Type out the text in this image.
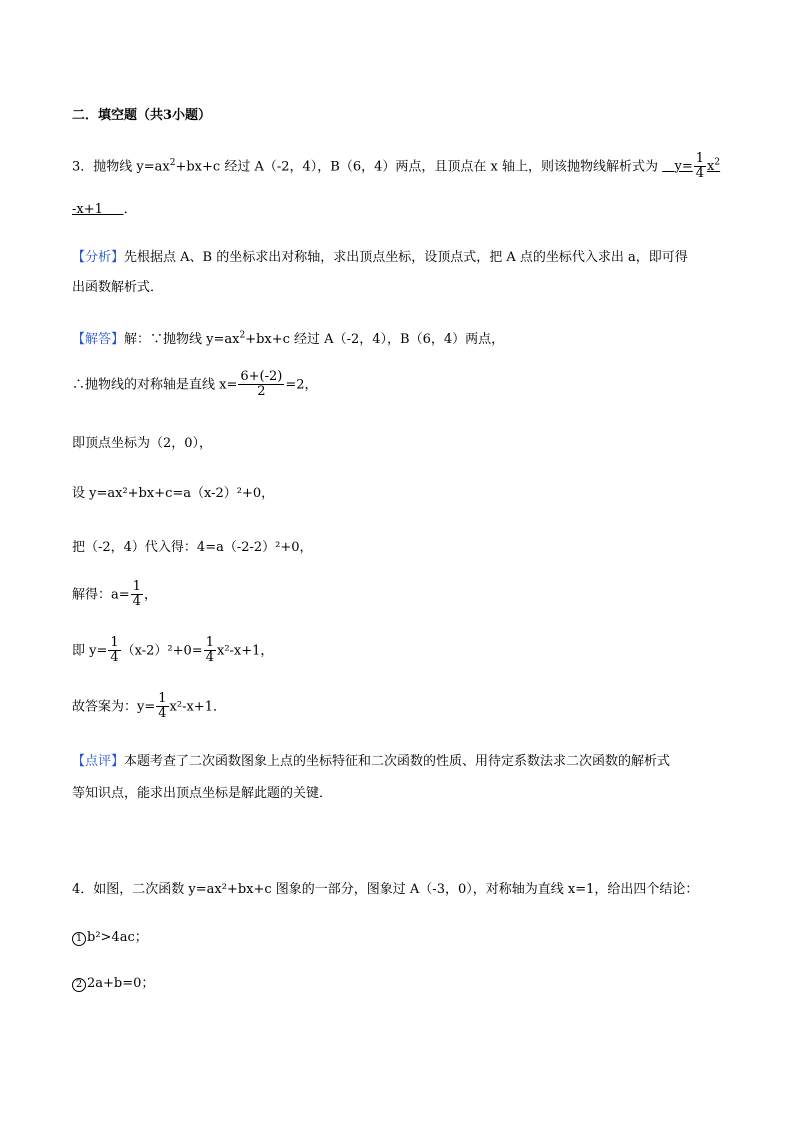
二．填空题（共3小题）
3．抛物线 $y=ax^2+bx+c$ 经过 A（-2，4），B（6，4）两点，且顶点在 x 轴上，则该抛物线解析式为 $y= \frac{1}{4} x^2$
-x+1 ．
【分析】先根据点 A、B 的坐标求出对称轴，求出顶点坐标，设顶点式，把 A 点的坐标代入求出 a，即可得
出函数解析式．
【解答】解：∵抛物线 $y=ax^2+bx+c$ 经过 A（-2，4），B（6，4）两点，
∴抛物线的对称轴是直线 $x= \frac{6+(-2)}{2} =2$，
即顶点坐标为（2，0），
设 y=ax²+bx+c=a（x-2）²+0，
把（-2，4）代入得：4=a（-2-2）²+0，
解得：$a= \frac{1}{4}$ ，
即 $y= \frac{1}{4} (x-2)^2+0= \frac{1}{4} x^2-x+1$，
故答案为：$y= \frac{1}{4} x^2-x+1$．
【点评】本题考查了二次函数图象上点的坐标特征和二次函数的性质、用待定系数法求二次函数的解析式
等知识点，能求出顶点坐标是解此题的关键．
4．如图，二次函数 y=ax²+bx+c 图象的一部分，图象过 A（-3，0），对称轴为直线 x=1，给出四个结论：
1 b²>4ac；
2 2a+b=0；
